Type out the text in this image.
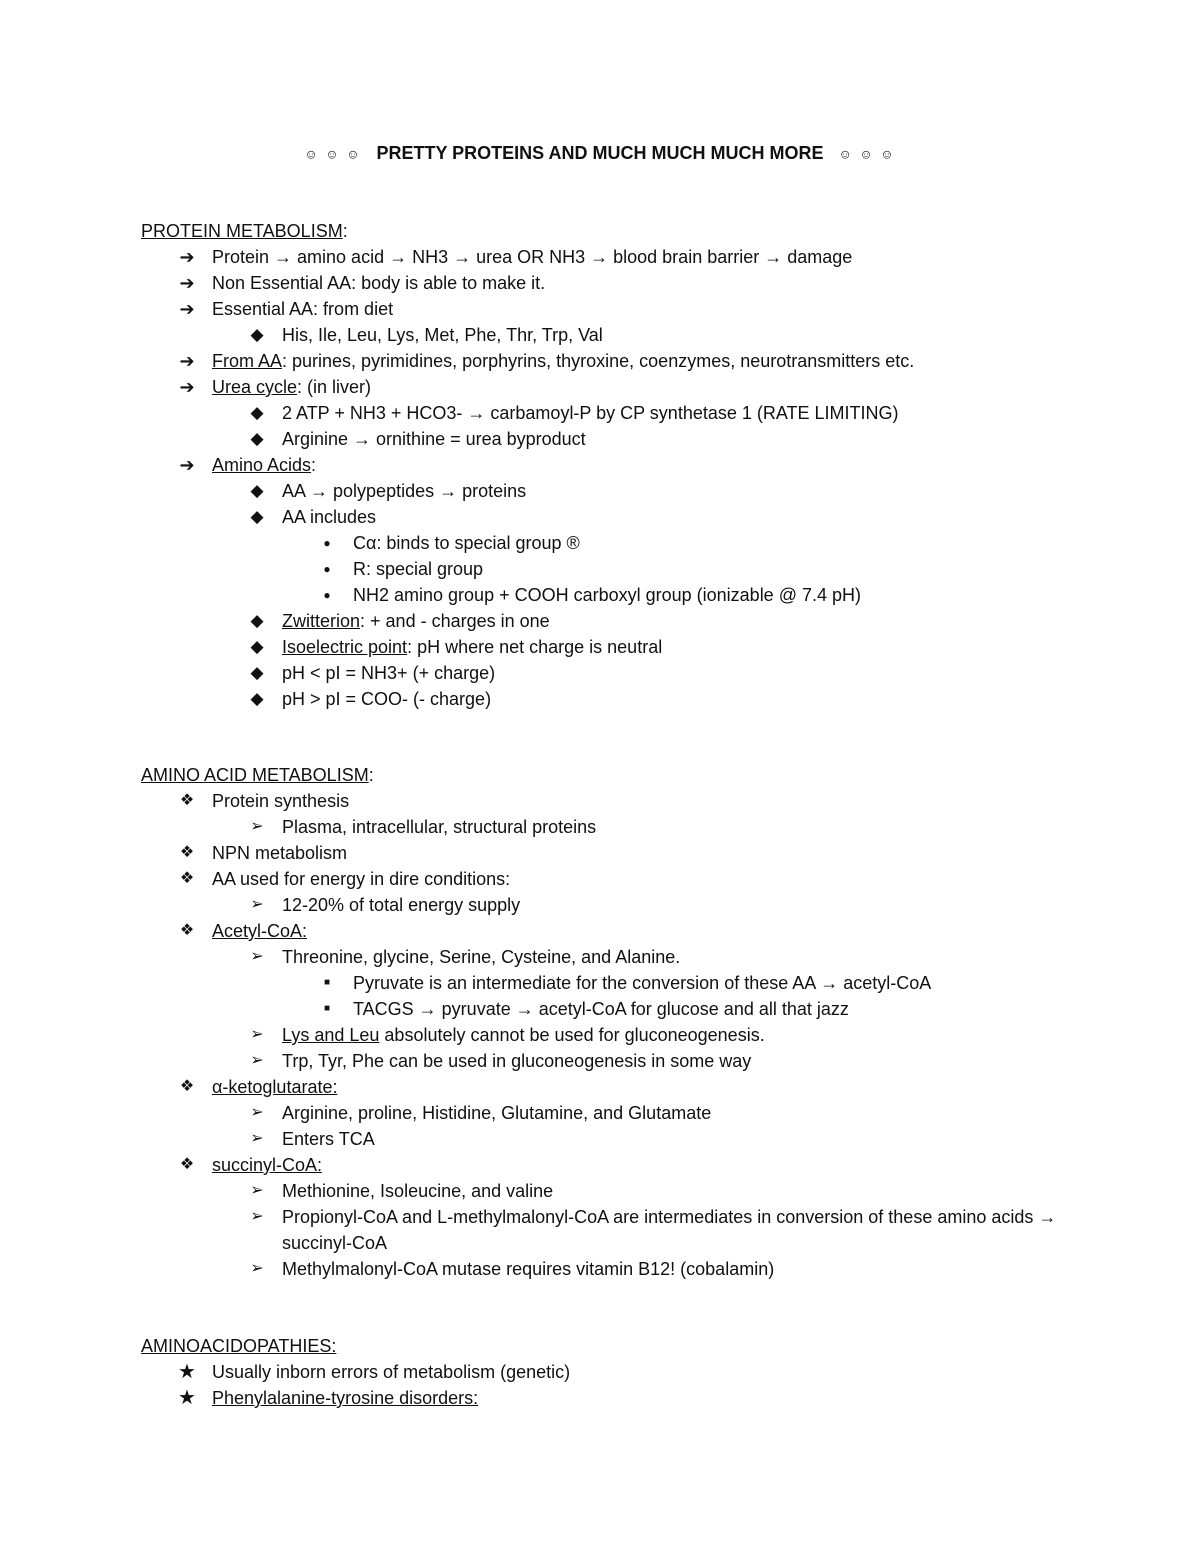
☺ ☺ ☺ PRETTY PROTEINS AND MUCH MUCH MUCH MORE ☺ ☺ ☺
PROTEIN METABOLISM:
➔ Protein → amino acid → NH3 → urea OR NH3 → blood brain barrier → damage
➔ Non Essential AA: body is able to make it.
➔ Essential AA: from diet
◆ His, Ile, Leu, Lys, Met, Phe, Thr, Trp, Val
➔ From AA: purines, pyrimidines, porphyrins, thyroxine, coenzymes, neurotransmitters etc.
➔ Urea cycle: (in liver)
◆ 2 ATP + NH3 + HCO3- → carbamoyl-P by CP synthetase 1 (RATE LIMITING)
◆ Arginine → ornithine = urea byproduct
➔ Amino Acids:
◆ AA → polypeptides → proteins
◆ AA includes
●	Cα: binds to special group ®
●	R: special group
●	NH2 amino group + COOH carboxyl group (ionizable @ 7.4 pH)
◆ Zwitterion: + and - charges in one
◆ Isoelectric point: pH where net charge is neutral
◆ pH < pI = NH3+ (+ charge)
◆ pH > pI = COO- (- charge)
AMINO ACID METABOLISM:
❖ Protein synthesis
➢ Plasma, intracellular, structural proteins
❖ NPN metabolism
❖ AA used for energy in dire conditions:
➢ 12-20% of total energy supply
❖ Acetyl-CoA:
➢ Threonine, glycine, Serine, Cysteine, and Alanine.
■	Pyruvate is an intermediate for the conversion of these AA → acetyl-CoA
■	TACGS → pyruvate → acetyl-CoA for glucose and all that jazz
➢ Lys and Leu absolutely cannot be used for gluconeogenesis.
➢ Trp, Tyr, Phe can be used in gluconeogenesis in some way
❖ α-ketoglutarate:
➢ Arginine, proline, Histidine, Glutamine, and Glutamate
➢ Enters TCA
❖ succinyl-CoA:
➢ Methionine, Isoleucine, and valine
➢ Propionyl-CoA and L-methylmalonyl-CoA are intermediates in conversion of these amino acids → succinyl-CoA
➢ Methylmalonyl-CoA mutase requires vitamin B12! (cobalamin)
AMINOACIDOPATHIES:
★ Usually inborn errors of metabolism (genetic)
★ Phenylalanine-tyrosine disorders:
